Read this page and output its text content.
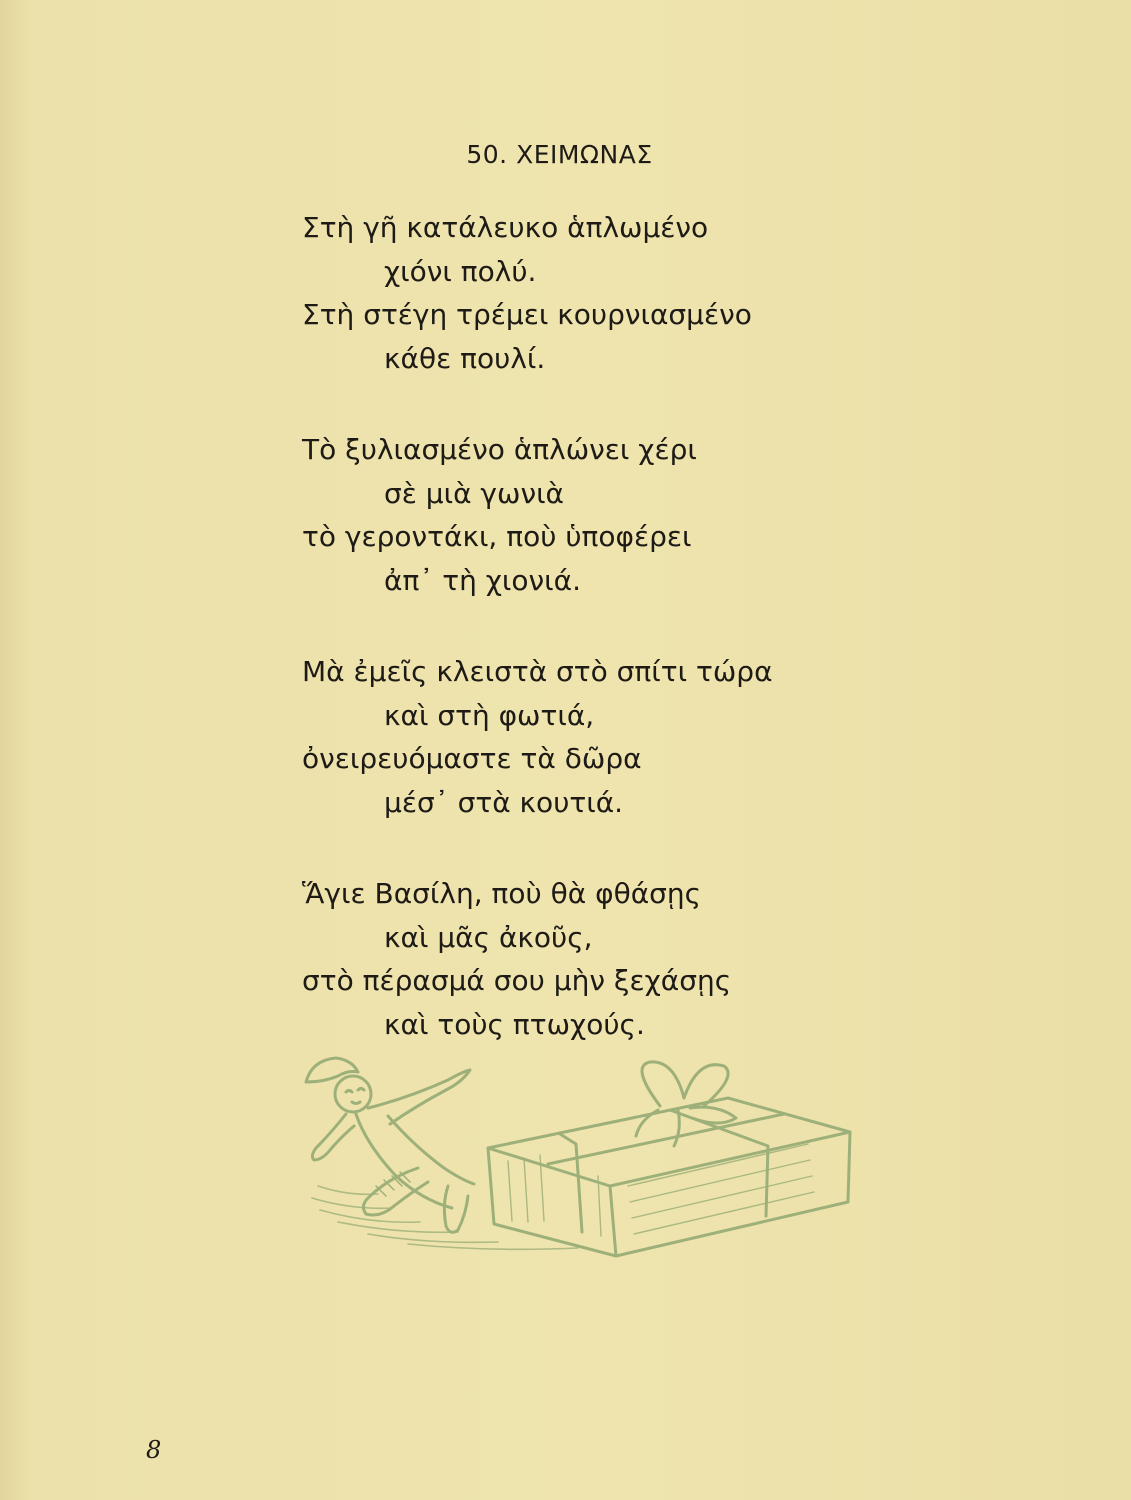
50. ΧΕΙΜΩΝΑΣ
Στὴ γῆ κατάλευκο ἁπλωμένο
χιόνι πολύ.
Στὴ στέγη τρέμει κουρνιασμένο
κάθε πουλί.
Τὸ ξυλιασμένο ἁπλώνει χέρι
σὲ μιὰ γωνιὰ
τὸ γεροντάκι, ποὺ ὑποφέρει
ἀπ᾽ τὴ χιονιά.
Μὰ ἐμεῖς κλειστὰ στὸ σπίτι τώρα
καὶ στὴ φωτιά,
ὀνειρευόμαστε τὰ δῶρα
μέσ᾽ στὰ κουτιά.
Ἅγιε Βασίλη, ποὺ θὰ φθάσῃς
καὶ μᾶς ἀκοῦς,
στὸ πέρασμά σου μὴν ξεχάσῃς
καὶ τοὺς πτωχούς.
8
